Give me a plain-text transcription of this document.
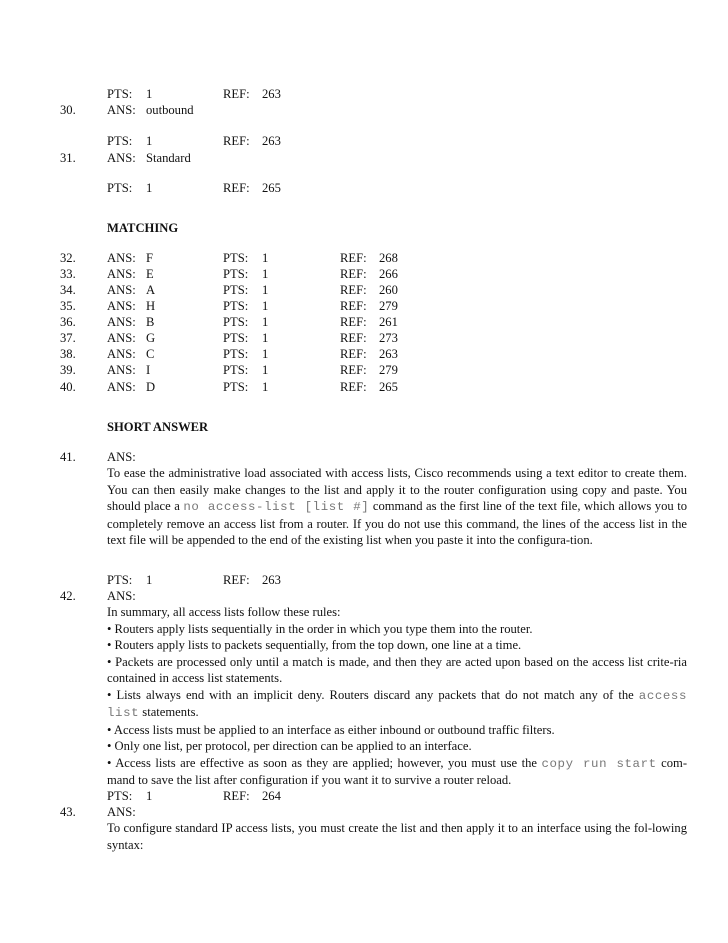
PTS: 1	REF: 263
30.	ANS: outbound
PTS: 1	REF: 263
31.	ANS: Standard
PTS: 1	REF: 265
MATCHING
32.	ANS: F	PTS: 1	REF: 268
33.	ANS: E	PTS: 1	REF: 266
34.	ANS: A	PTS: 1	REF: 260
35.	ANS: H	PTS: 1	REF: 279
36.	ANS: B	PTS: 1	REF: 261
37.	ANS: G	PTS: 1	REF: 273
38.	ANS: C	PTS: 1	REF: 263
39.	ANS: I	PTS: 1	REF: 279
40.	ANS: D	PTS: 1	REF: 265
SHORT ANSWER
41.	ANS:

To ease the administrative load associated with access lists, Cisco recommends using a text editor to create them. You can then easily make changes to the list and apply it to the router configuration using copy and paste. You should place a no access-list [list #] command as the first line of the text file, which allows you to completely remove an access list from a router. If you do not use this command, the lines of the access list in the text file will be appended to the end of the existing list when you paste it into the configura-tion.

PTS: 1	REF: 263
42.	ANS:

In summary, all access lists follow these rules:

• Routers apply lists sequentially in the order in which you type them into the router.

• Routers apply lists to packets sequentially, from the top down, one line at a time.

• Packets are processed only until a match is made, and then they are acted upon based on the access list crite-ria contained in access list statements.

• Lists always end with an implicit deny. Routers discard any packets that do not match any of the access list statements.

• Access lists must be applied to an interface as either inbound or outbound traffic filters.

• Only one list, per protocol, per direction can be applied to an interface.

• Access lists are effective as soon as they are applied; however, you must use the copy run start com-mand to save the list after configuration if you want it to survive a router reload.

PTS: 1	REF: 264
43.	ANS:

To configure standard IP access lists, you must create the list and then apply it to an interface using the fol-lowing syntax:
